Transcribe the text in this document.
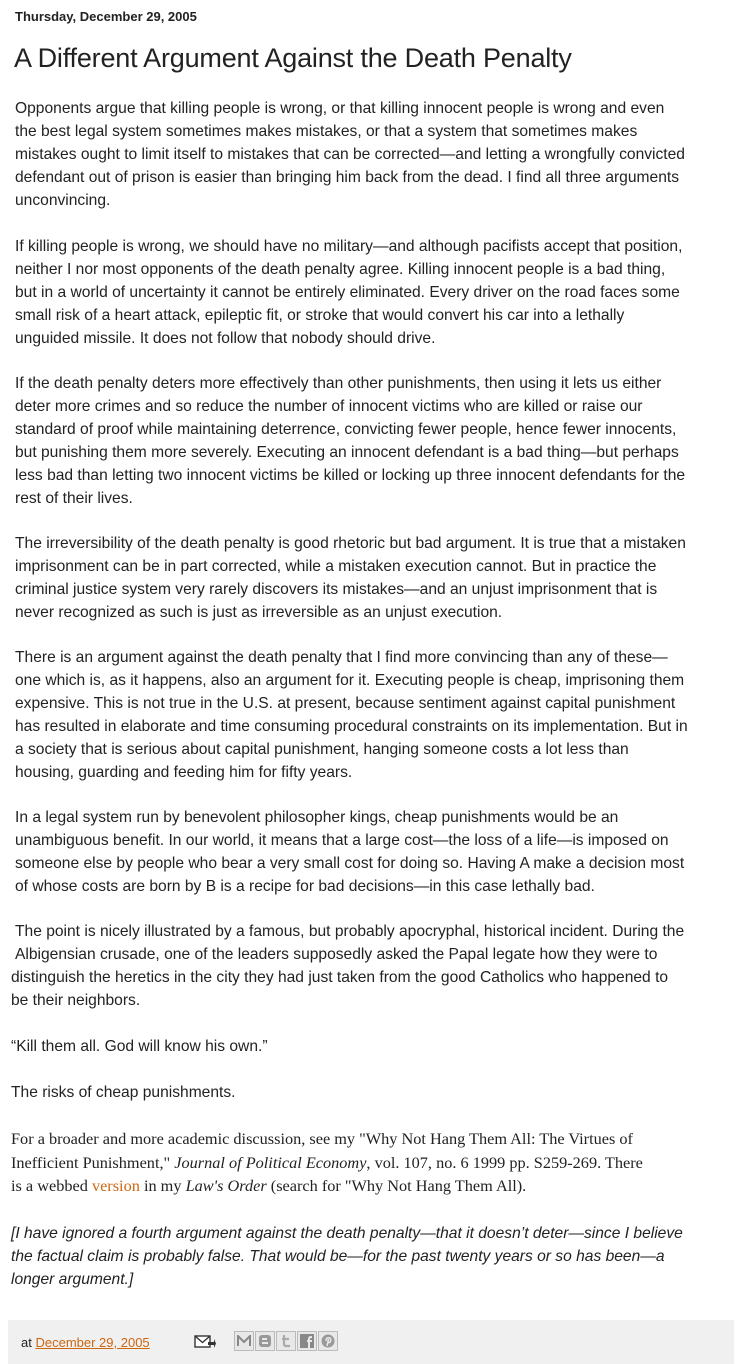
Thursday, December 29, 2005
A Different Argument Against the Death Penalty

Opponents argue that killing people is wrong, or that killing innocent people is wrong and even
the best legal system sometimes makes mistakes, or that a system that sometimes makes
mistakes ought to limit itself to mistakes that can be corrected—and letting a wrongfully convicted
defendant out of prison is easier than bringing him back from the dead. I find all three arguments
unconvincing.

If killing people is wrong, we should have no military—and although pacifists accept that position,
neither I nor most opponents of the death penalty agree. Killing innocent people is a bad thing,
but in a world of uncertainty it cannot be entirely eliminated. Every driver on the road faces some
small risk of a heart attack, epileptic fit, or stroke that would convert his car into a lethally
unguided missile. It does not follow that nobody should drive.

If the death penalty deters more effectively than other punishments, then using it lets us either
deter more crimes and so reduce the number of innocent victims who are killed or raise our
standard of proof while maintaining deterrence, convicting fewer people, hence fewer innocents,
but punishing them more severely. Executing an innocent defendant is a bad thing—but perhaps
less bad than letting two innocent victims be killed or locking up three innocent defendants for the
rest of their lives.

The irreversibility of the death penalty is good rhetoric but bad argument. It is true that a mistaken
imprisonment can be in part corrected, while a mistaken execution cannot. But in practice the
criminal justice system very rarely discovers its mistakes—and an unjust imprisonment that is
never recognized as such is just as irreversible as an unjust execution.

There is an argument against the death penalty that I find more convincing than any of these—
one which is, as it happens, also an argument for it. Executing people is cheap, imprisoning them
expensive. This is not true in the U.S. at present, because sentiment against capital punishment
has resulted in elaborate and time consuming procedural constraints on its implementation. But in
a society that is serious about capital punishment, hanging someone costs a lot less than
housing, guarding and feeding him for fifty years.

In a legal system run by benevolent philosopher kings, cheap punishments would be an
unambiguous benefit. In our world, it means that a large cost—the loss of a life—is imposed on
someone else by people who bear a very small cost for doing so. Having A make a decision most
of whose costs are born by B is a recipe for bad decisions—in this case lethally bad.

The point is nicely illustrated by a famous, but probably apocryphal, historical incident. During the
Albigensian crusade, one of the leaders supposedly asked the Papal legate how they were to
distinguish the heretics in the city they had just taken from the good Catholics who happened to
be their neighbors.

“Kill them all. God will know his own.”

The risks of cheap punishments.

For a broader and more academic discussion, see my "Why Not Hang Them All: The Virtues of
Inefficient Punishment," Journal of Political Economy, vol. 107, no. 6 1999 pp. S259-269. There
is a webbed version in my Law's Order (search for "Why Not Hang Them All).

[I have ignored a fourth argument against the death penalty—that it doesn’t deter—since I believe
the factual claim is probably false. That would be—for the past twenty years or so has been—a
longer argument.]

at December 29, 2005
